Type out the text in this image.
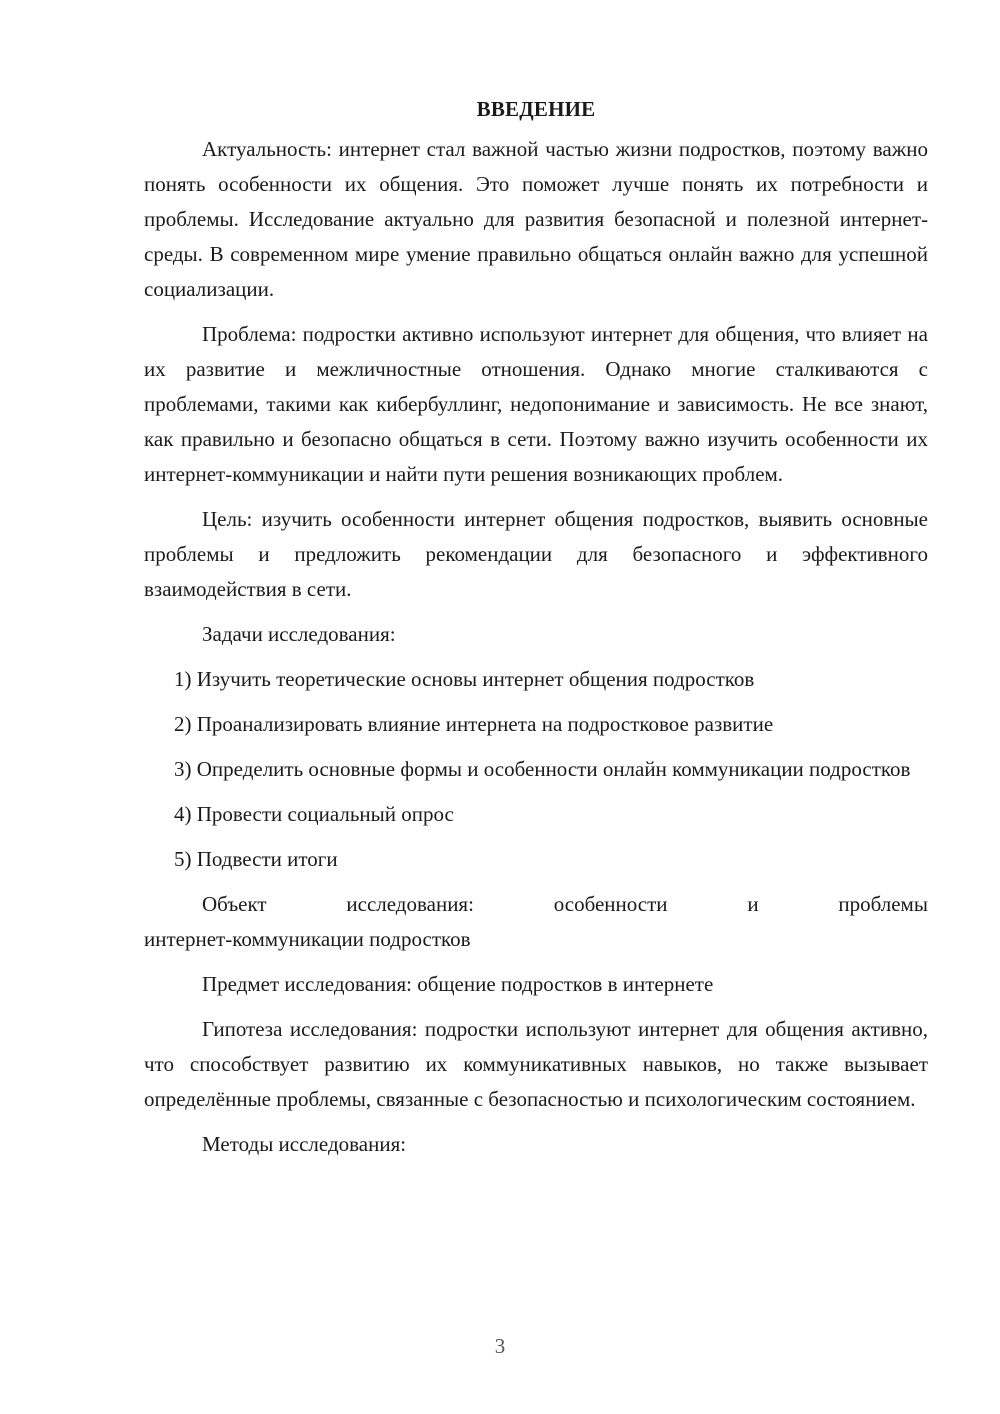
ВВЕДЕНИЕ

Актуальность: интернет стал важной частью жизни подростков, поэтому важно понять особенности их общения. Это поможет лучше понять их потребности и проблемы. Исследование актуально для развития безопасной и полезной интернет-среды. В современном мире умение правильно общаться онлайн важно для успешной социализации.

Проблема: подростки активно используют интернет для общения, что влияет на их развитие и межличностные отношения. Однако многие сталкиваются с проблемами, такими как кибербуллинг, недопонимание и зависимость. Не все знают, как правильно и безопасно общаться в сети. Поэтому важно изучить особенности их интернет-коммуникации и найти пути решения возникающих проблем.

Цель: изучить особенности интернет общения подростков, выявить основные проблемы и предложить рекомендации для безопасного и эффективного взаимодействия в сети.

Задачи исследования:

1) Изучить теоретические основы интернет общения подростков

2) Проанализировать влияние интернета на подростковое развитие

3) Определить основные формы и особенности онлайн коммуникации подростков

4) Провести социальный опрос

5) Подвести итоги

Объект	исследования:	особенности	и	проблемы
интернет-коммуникации подростков

Предмет исследования: общение подростков в интернете

Гипотеза исследования: подростки используют интернет для общения активно, что способствует развитию их коммуникативных навыков, но также вызывает определённые проблемы, связанные с безопасностью и психологическим состоянием.

Методы исследования:

3
